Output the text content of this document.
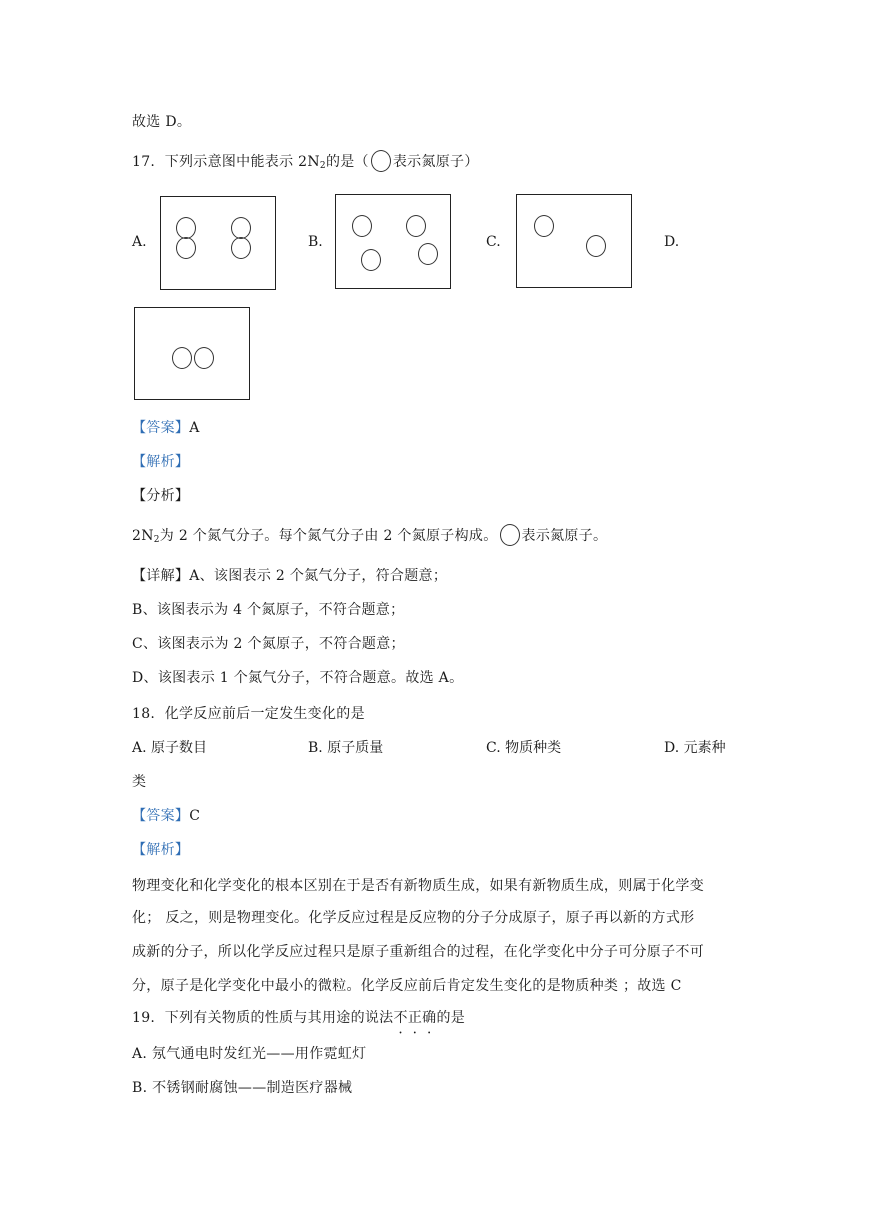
故选 D。
17. 下列示意图中能表示 $2N_2$的是（ 表示氮原子）
A.	B.	C.	D.
【答案】A
【解析】
【分析】
$2N_2$为 2 个氮气分子。每个氮气分子由 2 个氮原子构成。 表示氮原子。
【详解】A、该图表示 2 个氮气分子，符合题意；
B、该图表示为 4 个氮原子，不符合题意；
C、该图表示为 2 个氮原子，不符合题意；
D、该图表示 1 个氮气分子，不符合题意。故选 A。
18. 化学反应前后一定发生变化的是
A. 原子数目	B. 原子质量	C. 物质种类	D. 元素种
类
【答案】C
【解析】
物理变化和化学变化的根本区别在于是否有新物质生成，如果有新物质生成，则属于化学变
化； 反之，则是物理变化。化学反应过程是反应物的分子分成原子，原子再以新的方式形
成新的分子，所以化学反应过程只是原子重新组合的过程，在化学变化中分子可分原子不可
分，原子是化学变化中最小的微粒。化学反应前后肯定发生变化的是物质种类 ；故选 C
19. 下列有关物质的性质与其用途的说法不正确的是
A. 氖气通电时发红光——用作霓虹灯
B. 不锈钢耐腐蚀——制造医疗器械
